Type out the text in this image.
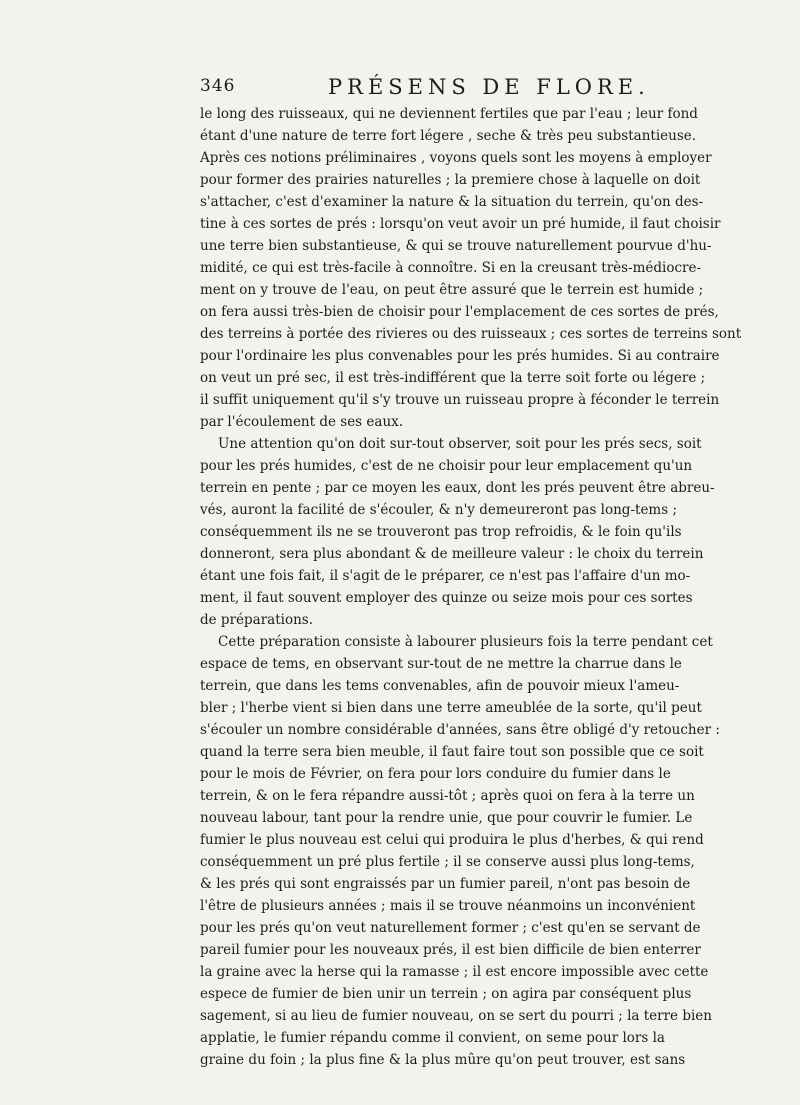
346	PRÉSENS DE FLORE.
le long des ruisseaux, qui ne deviennent fertiles que par l'eau ; leur fond
étant d'une nature de terre fort légere , seche & très peu substantieuse.
Après ces notions préliminaires , voyons quels sont les moyens à employer
pour former des prairies naturelles ; la premiere chose à laquelle on doit
s'attacher, c'est d'examiner la nature & la situation du terrein, qu'on des-
tine à ces sortes de prés : lorsqu'on veut avoir un pré humide, il faut choisir
une terre bien substantieuse, & qui se trouve naturellement pourvue d'hu-
midité, ce qui est très-facile à connoître. Si en la creusant très-médiocre-
ment on y trouve de l'eau, on peut être assuré que le terrein est humide ;
on fera aussi très-bien de choisir pour l'emplacement de ces sortes de prés,
des terreins à portée des rivieres ou des ruisseaux ; ces sortes de terreins sont
pour l'ordinaire les plus convenables pour les prés humides. Si au contraire
on veut un pré sec, il est très-indifférent que la terre soit forte ou légere ;
il suffit uniquement qu'il s'y trouve un ruisseau propre à féconder le terrein
par l'écoulement de ses eaux.
Une attention qu'on doit sur-tout observer, soit pour les prés secs, soit
pour les prés humides, c'est de ne choisir pour leur emplacement qu'un
terrein en pente ; par ce moyen les eaux, dont les prés peuvent être abreu-
vés, auront la facilité de s'écouler, & n'y demeureront pas long-tems ;
conséquemment ils ne se trouveront pas trop refroidis, & le foin qu'ils
donneront, sera plus abondant & de meilleure valeur : le choix du terrein
étant une fois fait, il s'agit de le préparer, ce n'est pas l'affaire d'un mo-
ment, il faut souvent employer des quinze ou seize mois pour ces sortes
de préparations.
Cette préparation consiste à labourer plusieurs fois la terre pendant cet
espace de tems, en observant sur-tout de ne mettre la charrue dans le
terrein, que dans les tems convenables, afin de pouvoir mieux l'ameu-
bler ; l'herbe vient si bien dans une terre ameublée de la sorte, qu'il peut
s'écouler un nombre considérable d'années, sans être obligé d'y retoucher :
quand la terre sera bien meuble, il faut faire tout son possible que ce soit
pour le mois de Février, on fera pour lors conduire du fumier dans le
terrein, & on le fera répandre aussi-tôt ; après quoi on fera à la terre un
nouveau labour, tant pour la rendre unie, que pour couvrir le fumier. Le
fumier le plus nouveau est celui qui produira le plus d'herbes, & qui rend
conséquemment un pré plus fertile ; il se conserve aussi plus long-tems,
& les prés qui sont engraissés par un fumier pareil, n'ont pas besoin de
l'être de plusieurs années ; mais il se trouve néanmoins un inconvénient
pour les prés qu'on veut naturellement former ; c'est qu'en se servant de
pareil fumier pour les nouveaux prés, il est bien difficile de bien enterrer
la graine avec la herse qui la ramasse ; il est encore impossible avec cette
espece de fumier de bien unir un terrein ; on agira par conséquent plus
sagement, si au lieu de fumier nouveau, on se sert du pourri ; la terre bien
applatie, le fumier répandu comme il convient, on seme pour lors la
graine du foin ; la plus fine & la plus mûre qu'on peut trouver, est sans
